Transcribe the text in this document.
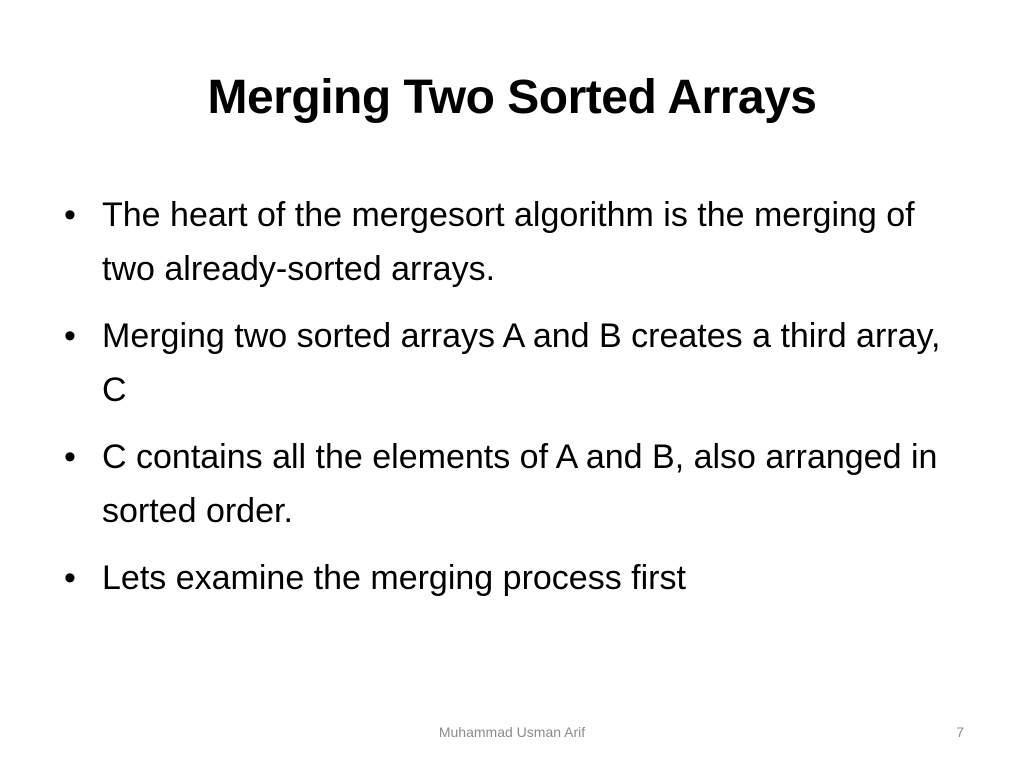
Merging Two Sorted Arrays
• The heart of the mergesort algorithm is the merging of two already-sorted arrays.
• Merging two sorted arrays A and B creates a third array, C
• C contains all the elements of A and B, also arranged in sorted order.
• Lets examine the merging process first
Muhammad Usman Arif	7
